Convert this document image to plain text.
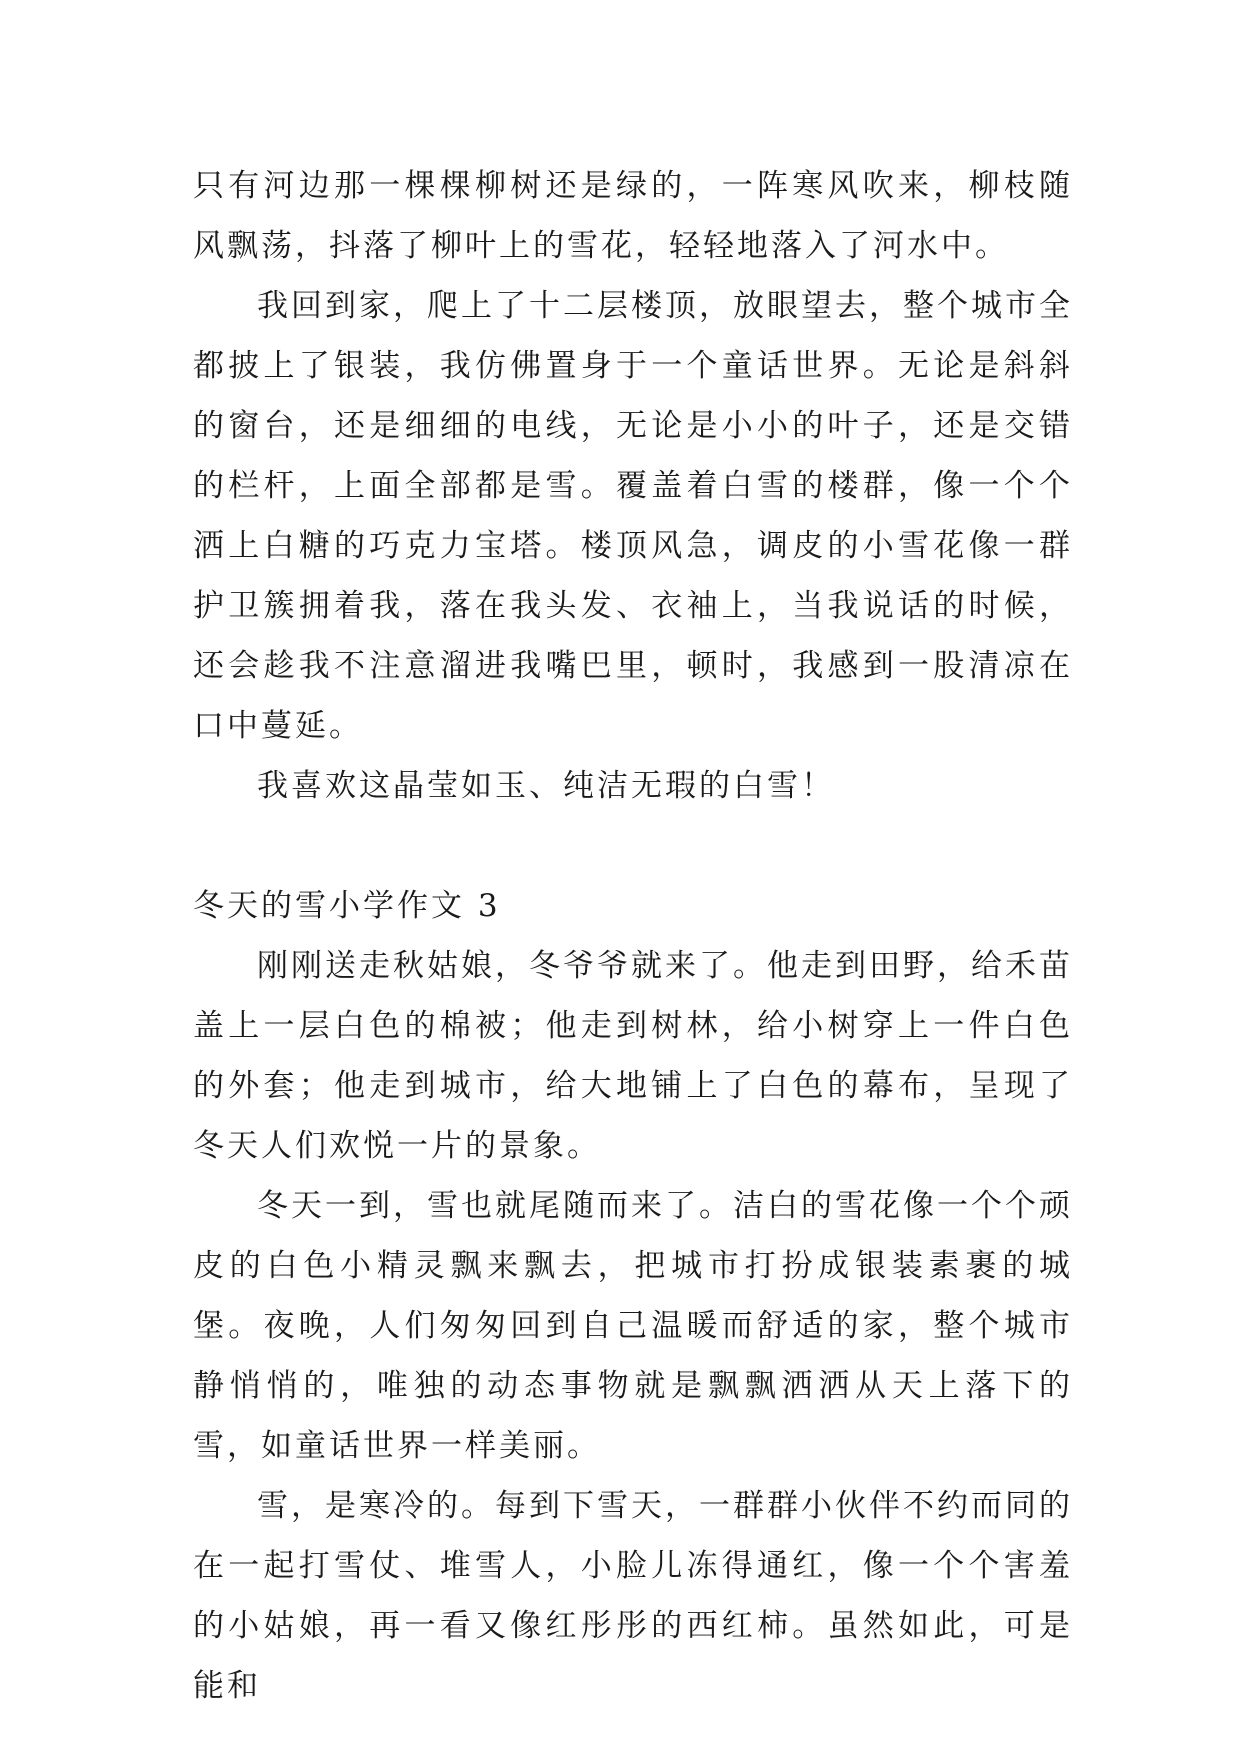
只有河边那一棵棵柳树还是绿的，一阵寒风吹来，柳枝随风飘荡，抖落了柳叶上的雪花，轻轻地落入了河水中。

我回到家，爬上了十二层楼顶，放眼望去，整个城市全都披上了银装，我仿佛置身于一个童话世界。无论是斜斜的窗台，还是细细的电线，无论是小小的叶子，还是交错的栏杆，上面全部都是雪。覆盖着白雪的楼群，像一个个洒上白糖的巧克力宝塔。楼顶风急，调皮的小雪花像一群护卫簇拥着我，落在我头发、衣袖上，当我说话的时候，还会趁我不注意溜进我嘴巴里，顿时，我感到一股清凉在口中蔓延。

我喜欢这晶莹如玉、纯洁无瑕的白雪！

冬天的雪小学作文 3

刚刚送走秋姑娘，冬爷爷就来了。他走到田野，给禾苗盖上一层白色的棉被；他走到树林，给小树穿上一件白色的外套；他走到城市，给大地铺上了白色的幕布，呈现了冬天人们欢悦一片的景象。

冬天一到，雪也就尾随而来了。洁白的雪花像一个个顽皮的白色小精灵飘来飘去，把城市打扮成银装素裹的城堡。夜晚，人们匆匆回到自己温暖而舒适的家，整个城市静悄悄的，唯独的动态事物就是飘飘洒洒从天上落下的雪，如童话世界一样美丽。

雪，是寒冷的。每到下雪天，一群群小伙伴不约而同的在一起打雪仗、堆雪人，小脸儿冻得通红，像一个个害羞的小姑娘，再一看又像红彤彤的西红柿。虽然如此，可是能和
